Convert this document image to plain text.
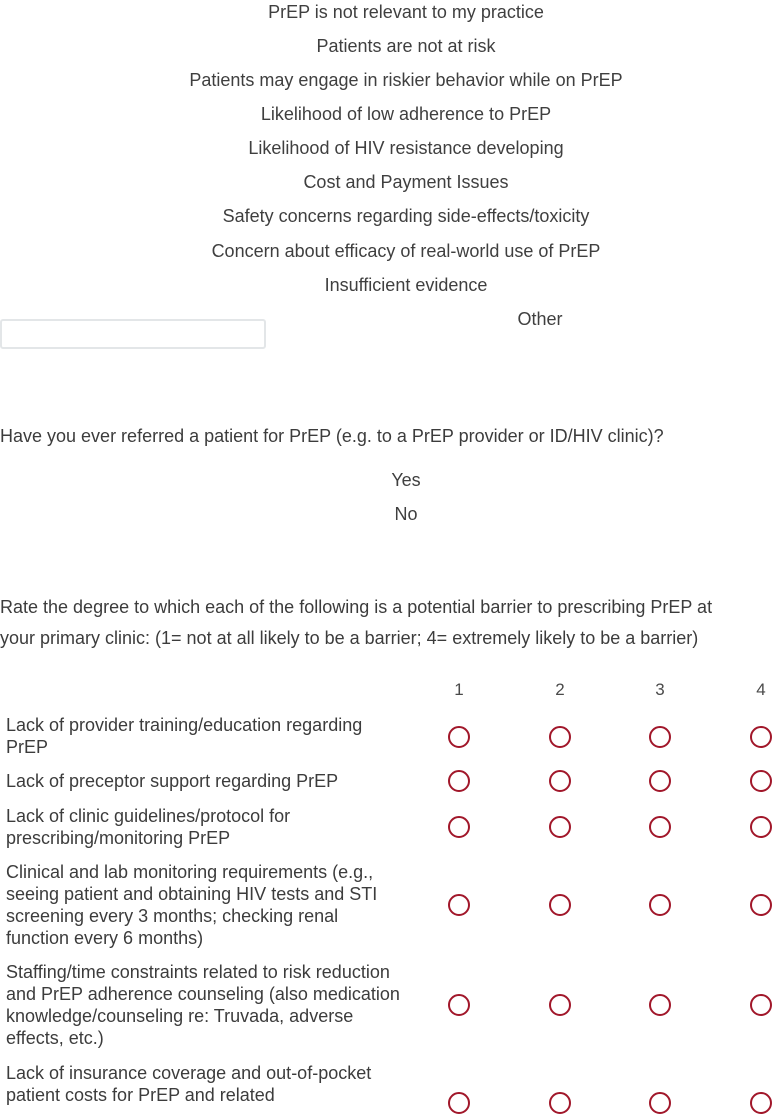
PrEP is not relevant to my practice
Patients are not at risk
Patients may engage in riskier behavior while on PrEP
Likelihood of low adherence to PrEP
Likelihood of HIV resistance developing
Cost and Payment Issues
Safety concerns regarding side-effects/toxicity
Concern about efficacy of real-world use of PrEP
Insufficient evidence
Other
Have you ever referred a patient for PrEP (e.g. to a PrEP provider or ID/HIV clinic)?
Yes
No
Rate the degree to which each of the following is a potential barrier to prescribing PrEP at
your primary clinic: (1= not at all likely to be a barrier; 4= extremely likely to be a barrier)
1	2	3	4
Lack of provider training/education regarding PrEP
Lack of preceptor support regarding PrEP
Lack of clinic guidelines/protocol for prescribing/monitoring PrEP
Clinical and lab monitoring requirements (e.g., seeing patient and obtaining HIV tests and STI screening every 3 months; checking renal function every 6 months)
Staffing/time constraints related to risk reduction and PrEP adherence counseling (also medication knowledge/counseling re: Truvada, adverse effects, etc.)
Lack of insurance coverage and out-of-pocket patient costs for PrEP and related
